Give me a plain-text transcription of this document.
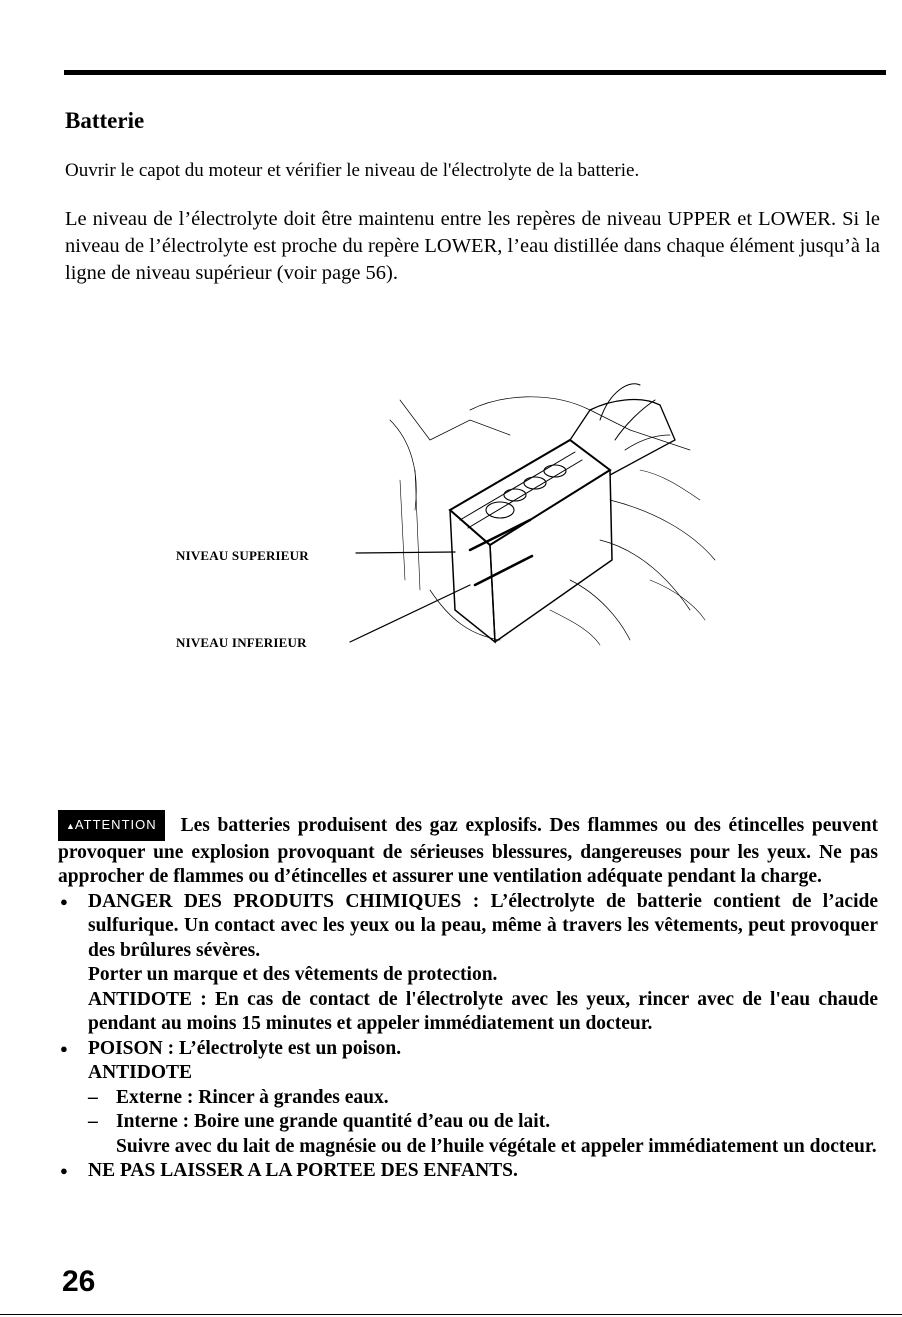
Batterie

Ouvrir le capot du moteur et vérifier le niveau de l'électrolyte de la batterie.

Le niveau de l’électrolyte doit être maintenu entre les repères de niveau UPPER et LOWER. Si le niveau de l’électrolyte est proche du repère LOWER, l’eau distillée dans chaque élément jusqu’à la ligne de niveau supérieur (voir page 56).

NIVEAU SUPERIEUR
NIVEAU INFERIEUR

▲ATTENTION Les batteries produisent des gaz explosifs. Des flammes ou des étincelles peuvent provoquer une explosion provoquant de sérieuses blessures, dangereuses pour les yeux. Ne pas approcher de flammes ou d’étincelles et assurer une ventilation adéquate pendant la charge.

● DANGER DES PRODUITS CHIMIQUES : L’électrolyte de batterie contient de l’acide sulfurique. Un contact avec les yeux ou la peau, même à travers les vêtements, peut provoquer des brûlures sévères.
Porter un marque et des vêtements de protection.
ANTIDOTE : En cas de contact de l'électrolyte avec les yeux, rincer avec de l'eau chaude pendant au moins 15 minutes et appeler immédiatement un docteur.
● POISON : L’électrolyte est un poison.
ANTIDOTE
– Externe : Rincer à grandes eaux.
– Interne : Boire une grande quantité d’eau ou de lait.
Suivre avec du lait de magnésie ou de l’huile végétale et appeler immédiatement un docteur.
● NE PAS LAISSER A LA PORTEE DES ENFANTS.
26
